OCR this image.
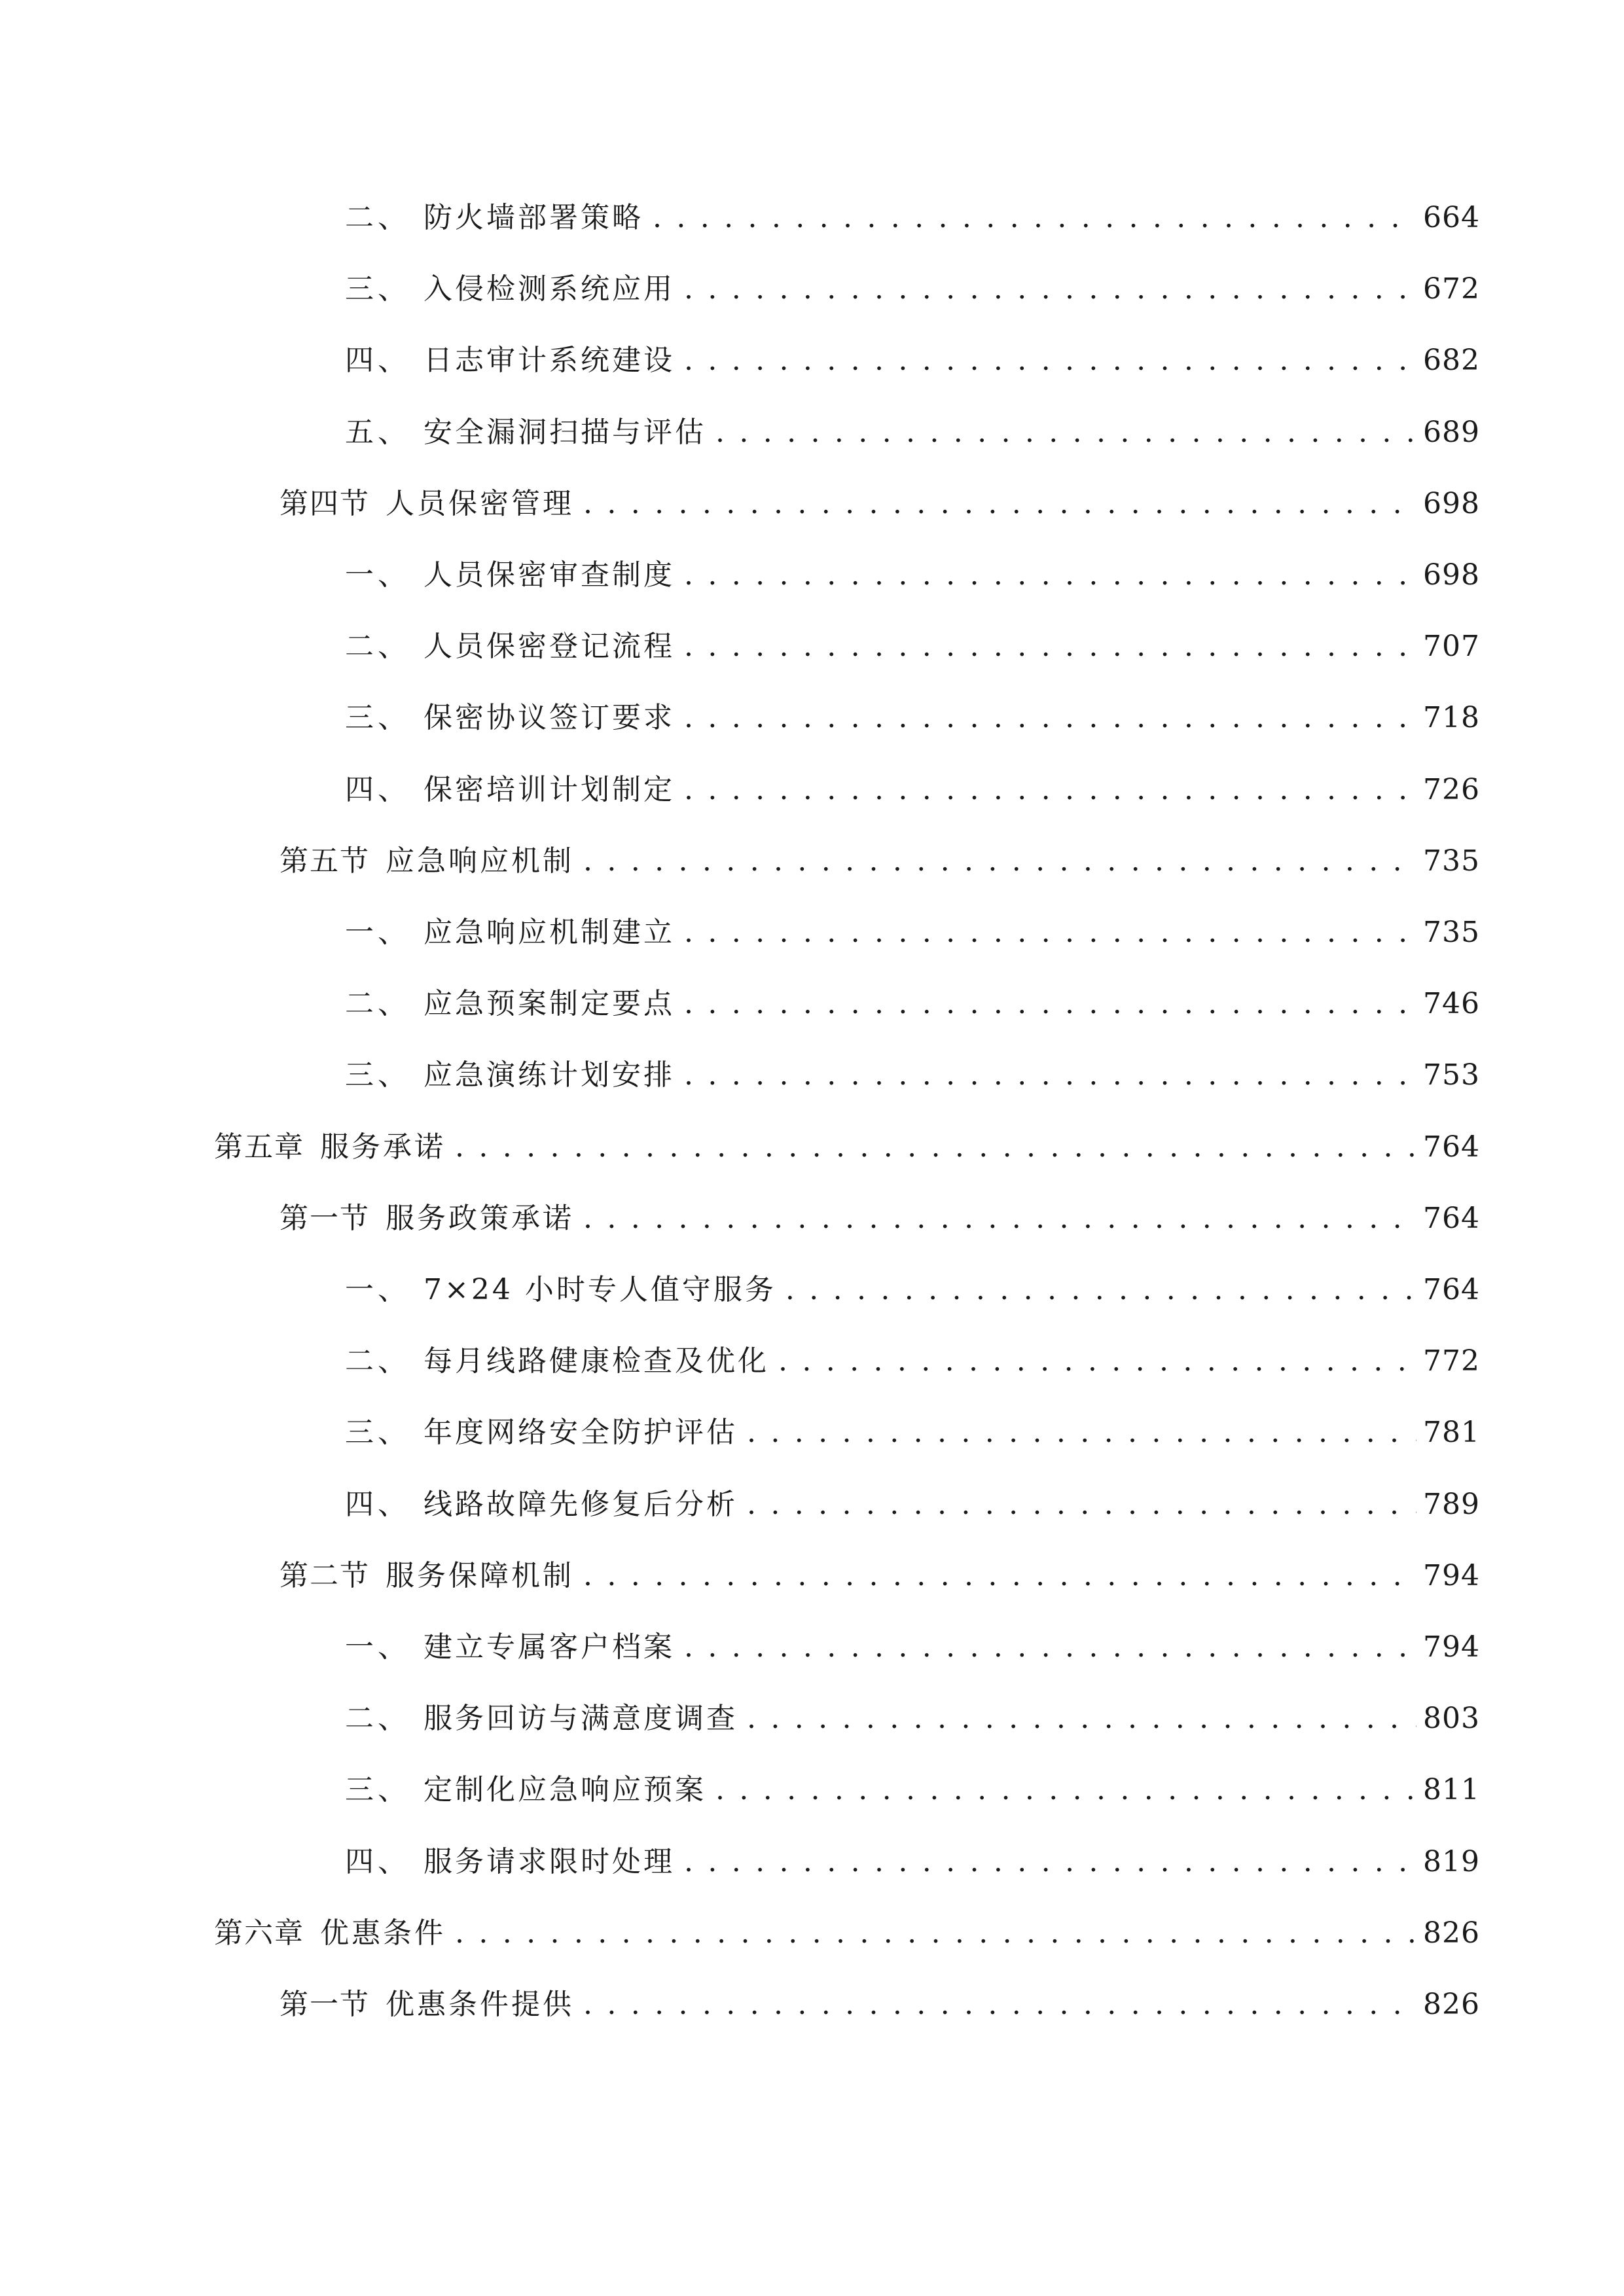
二、 防火墙部署策略 . . .	664
三、 入侵检测系统应用 . . .	672
四、 日志审计系统建设 . . .	682
五、 安全漏洞扫描与评估 . . .	689
第四节 人员保密管理 . . .	698
一、 人员保密审查制度 . . .	698
二、 人员保密登记流程 . . .	707
三、 保密协议签订要求 . . .	718
四、 保密培训计划制定 . . .	726
第五节 应急响应机制 . . .	735
一、 应急响应机制建立 . . .	735
二、 应急预案制定要点 . . .	746
三、 应急演练计划安排 . . .	753
第五章 服务承诺 . . .	764
第一节 服务政策承诺 . . .	764
一、 7×24 小时专人值守服务 . . .	764
二、 每月线路健康检查及优化 . . .	772
三、 年度网络安全防护评估 . . .	781
四、 线路故障先修复后分析 . . .	789
第二节 服务保障机制 . . .	794
一、 建立专属客户档案 . . .	794
二、 服务回访与满意度调查 . . .	803
三、 定制化应急响应预案 . . .	811
四、 服务请求限时处理 . . .	819
第六章 优惠条件 . . .	826
第一节 优惠条件提供 . . .	826
